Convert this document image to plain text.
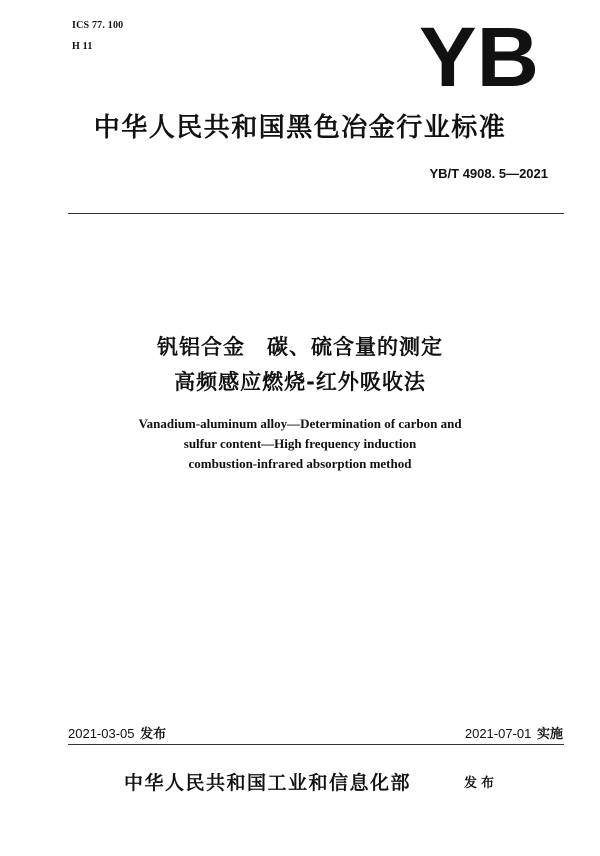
ICS 77. 100
H 11	YB
中华人民共和国黑色冶金行业标准
YB/T 4908. 5—2021
钒铝合金　碳、硫含量的测定
高频感应燃烧-红外吸收法
Vanadium-aluminum alloy—Determination of carbon and
sulfur content—High frequency induction
combustion-infrared absorption method
2021-03-05 发布	2021-07-01 实施
中华人民共和国工业和信息化部	发布
